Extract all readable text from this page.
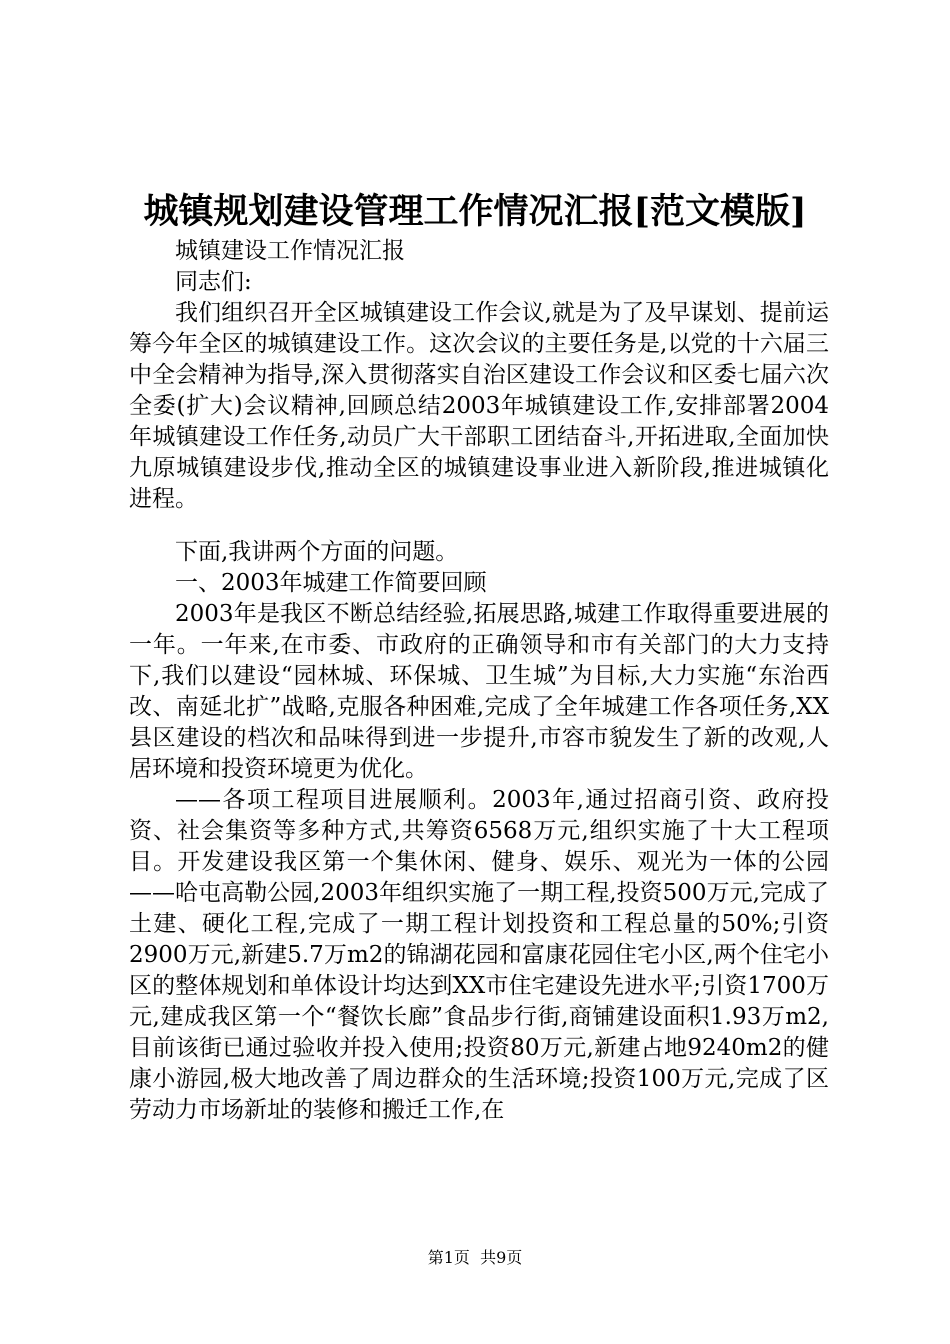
城镇规划建设管理工作情况汇报[范文模版]

城镇建设工作情况汇报

同志们:

我们组织召开全区城镇建设工作会议,就是为了及早谋划、提前运筹今年全区的城镇建设工作。这次会议的主要任务是,以党的十六届三中全会精神为指导,深入贯彻落实自治区建设工作会议和区委七届六次全委(扩大)会议精神,回顾总结2003年城镇建设工作,安排部署2004年城镇建设工作任务,动员广大干部职工团结奋斗,开拓进取,全面加快九原城镇建设步伐,推动全区的城镇建设事业进入新阶段,推进城镇化进程。

下面,我讲两个方面的问题。

一、2003年城建工作简要回顾

2003年是我区不断总结经验,拓展思路,城建工作取得重要进展的一年。一年来,在市委、市政府的正确领导和市有关部门的大力支持下,我们以建设“园林城、环保城、卫生城”为目标,大力实施“东治西改、南延北扩”战略,克服各种困难,完成了全年城建工作各项任务,XX县区建设的档次和品味得到进一步提升,市容市貌发生了新的改观,人居环境和投资环境更为优化。

——各项工程项目进展顺利。2003年,通过招商引资、政府投资、社会集资等多种方式,共筹资6568万元,组织实施了十大工程项目。开发建设我区第一个集休闲、健身、娱乐、观光为一体的公园——哈屯高勒公园,2003年组织实施了一期工程,投资500万元,完成了土建、硬化工程,完成了一期工程计划投资和工程总量的50%;引资2900万元,新建5.7万m2的锦湖花园和富康花园住宅小区,两个住宅小区的整体规划和单体设计均达到XX市住宅建设先进水平;引资1700万元,建成我区第一个“餐饮长廊”食品步行街,商铺建设面积1.93万m2,目前该街已通过验收并投入使用;投资80万元,新建占地9240m2的健康小游园,极大地改善了周边群众的生活环境;投资100万元,完成了区劳动力市场新址的装修和搬迁工作,在

第1页  共9页
